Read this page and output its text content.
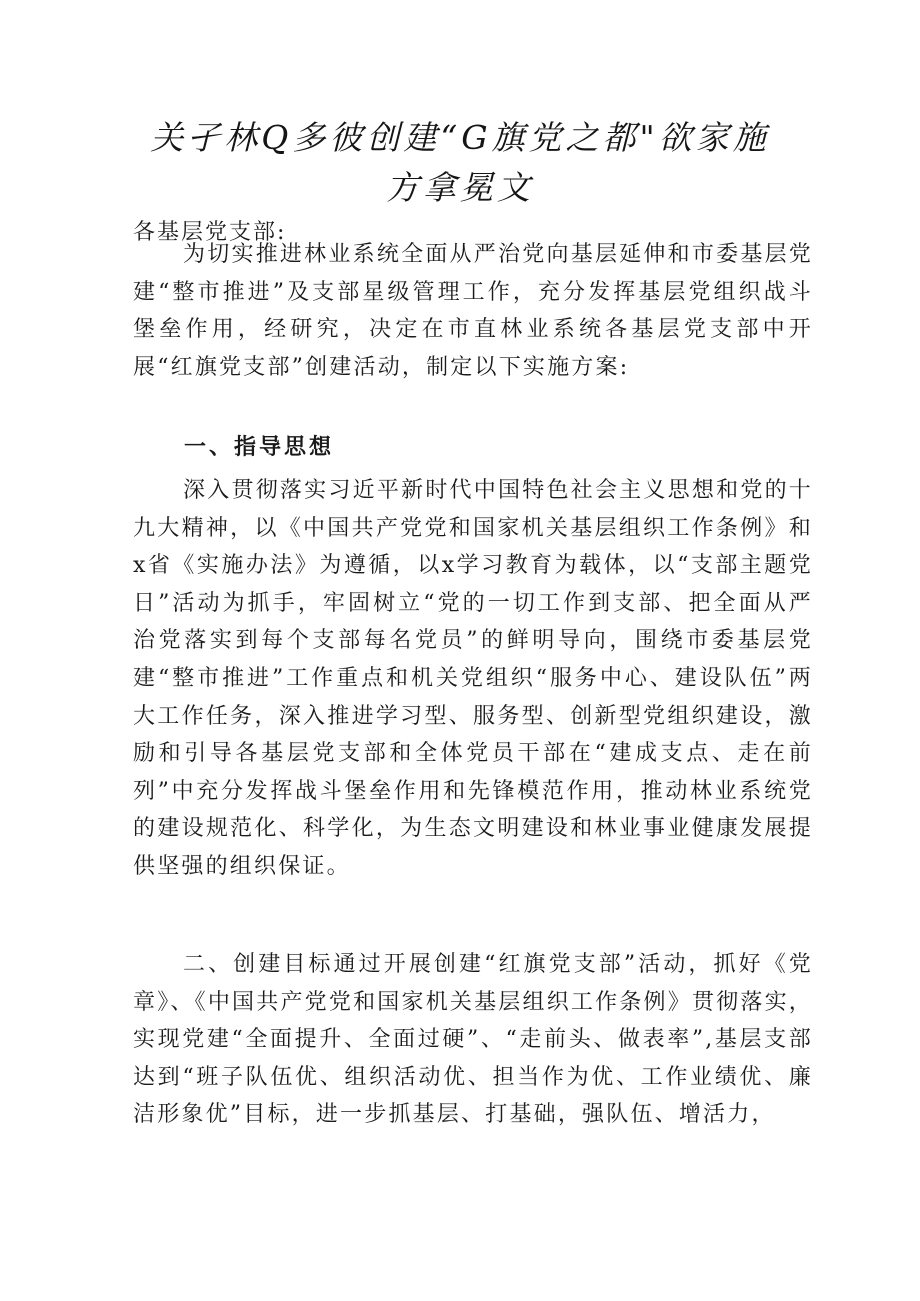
关孑林Q多彼创建“G旗党之都"欲家施
方拿冕文
各基层党支部:

为切实推进林业系统全面从严治党向基层延伸和市委基层党建“整市推进”及支部星级管理工作，充分发挥基层党组织战斗堡垒作用，经研究，决定在市直林业系统各基层党支部中开展“红旗党支部”创建活动，制定以下实施方案:

一、指导思想

深入贯彻落实习近平新时代中国特色社会主义思想和党的十九大精神，以《中国共产党党和国家机关基层组织工作条例》和x省《实施办法》为遵循，以x学习教育为载体，以“支部主题党日”活动为抓手，牢固树立“党的一切工作到支部、把全面从严治党落实到每个支部每名党员”的鲜明导向，围绕市委基层党建“整市推进”工作重点和机关党组织“服务中心、建设队伍”两大工作任务，深入推进学习型、服务型、创新型党组织建设，激励和引导各基层党支部和全体党员干部在“建成支点、走在前列”中充分发挥战斗堡垒作用和先锋模范作用，推动林业系统党的建设规范化、科学化，为生态文明建设和林业事业健康发展提供坚强的组织保证。

二、创建目标通过开展创建“红旗党支部”活动，抓好《党章》、《中国共产党党和国家机关基层组织工作条例》贯彻落实，实现党建“全面提升、全面过硬”、“走前头、做表率”,基层支部达到“班子队伍优、组织活动优、担当作为优、工作业绩优、廉洁形象优”目标，进一步抓基层、打基础，强队伍、增活力，
